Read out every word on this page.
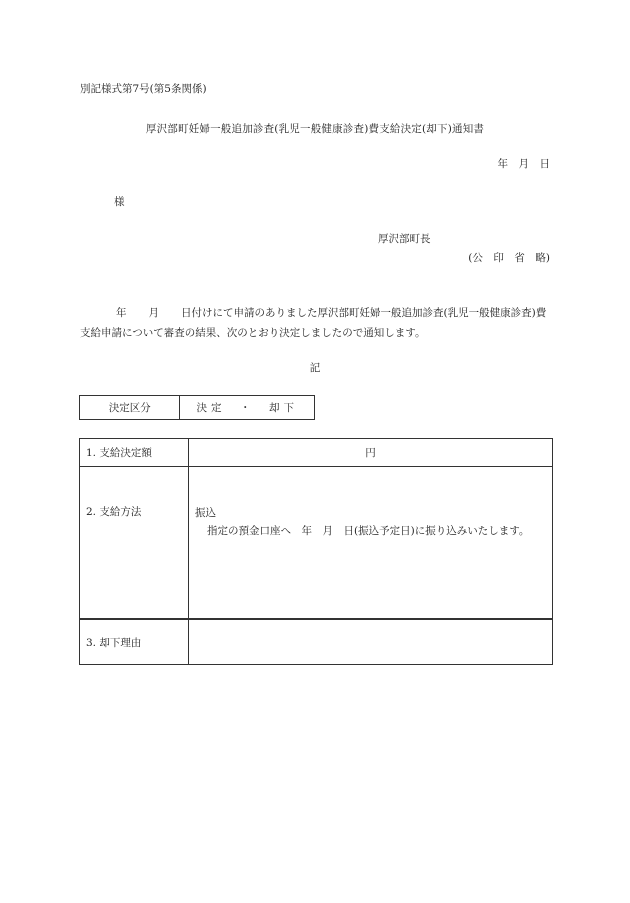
別記様式第7号(第5条関係)
厚沢部町妊婦一般追加診査(乳児一般健康診査)費支給決定(却下)通知書
年　月　日
様
厚沢部町長
(公　印　省　略)
年 月 日付けにて申請のありました厚沢部町妊婦一般追加診査(乳児一般健康診査)費支給申請について審査の結果、次のとおり決定しましたので通知します。
記
決定区分	決定　・　却下
1. 支給決定額	円
2. 支給方法	振込
指定の預金口座へ　年　月　日(振込予定日)に振り込みいたします。

3. 却下理由	
